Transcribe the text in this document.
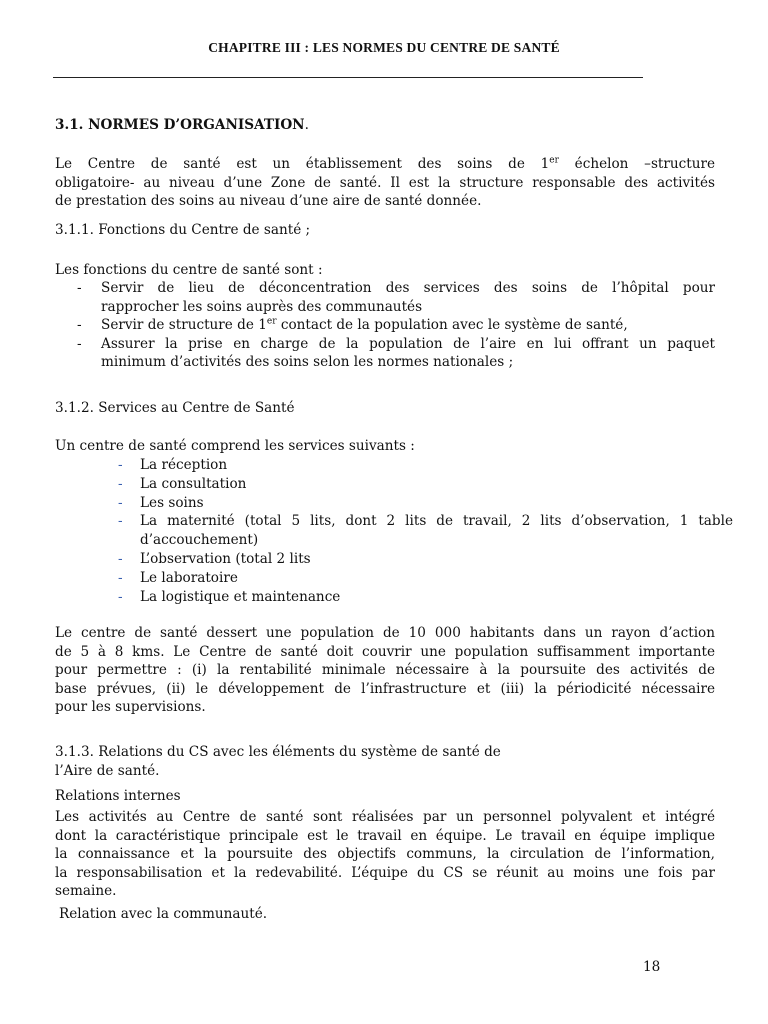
CHAPITRE III : LES NORMES DU CENTRE DE SANTÉ
3.1. NORMES D’ORGANISATION.
Le Centre de santé est un établissement des soins de 1er échelon –structure
obligatoire- au niveau d’une Zone de santé. Il est la structure responsable des activités
de prestation des soins au niveau d’une aire de santé donnée.
3.1.1. Fonctions du Centre de santé ;
Les fonctions du centre de santé sont :
- Servir de lieu de déconcentration des services des soins de l’hôpital pour
rapprocher les soins auprès des communautés
- Servir de structure de 1er contact de la population avec le système de santé,
- Assurer la prise en charge de la population de l’aire en lui offrant un paquet
minimum d’activités des soins selon les normes nationales ;
3.1.2. Services au Centre de Santé
Un centre de santé comprend les services suivants :
- La réception
- La consultation
- Les soins
- La maternité (total 5 lits, dont 2 lits de travail, 2 lits d’observation, 1 table
d’accouchement)
- L’observation (total 2 lits
- Le laboratoire
- La logistique et maintenance
Le centre de santé dessert une population de 10 000 habitants dans un rayon d’action
de 5 à 8 kms. Le Centre de santé doit couvrir une population suffisamment importante
pour permettre : (i) la rentabilité minimale nécessaire à la poursuite des activités de
base prévues, (ii) le développement de l’infrastructure et (iii) la périodicité nécessaire
pour les supervisions.
3.1.3. Relations du CS avec les éléments du système de santé de
l’Aire de santé.
Relations internes
Les activités au Centre de santé sont réalisées par un personnel polyvalent et intégré
dont la caractéristique principale est le travail en équipe. Le travail en équipe implique
la connaissance et la poursuite des objectifs communs, la circulation de l’information,
la responsabilisation et la redevabilité. L’équipe du CS se réunit au moins une fois par
semaine.
Relation avec la communauté.
18
